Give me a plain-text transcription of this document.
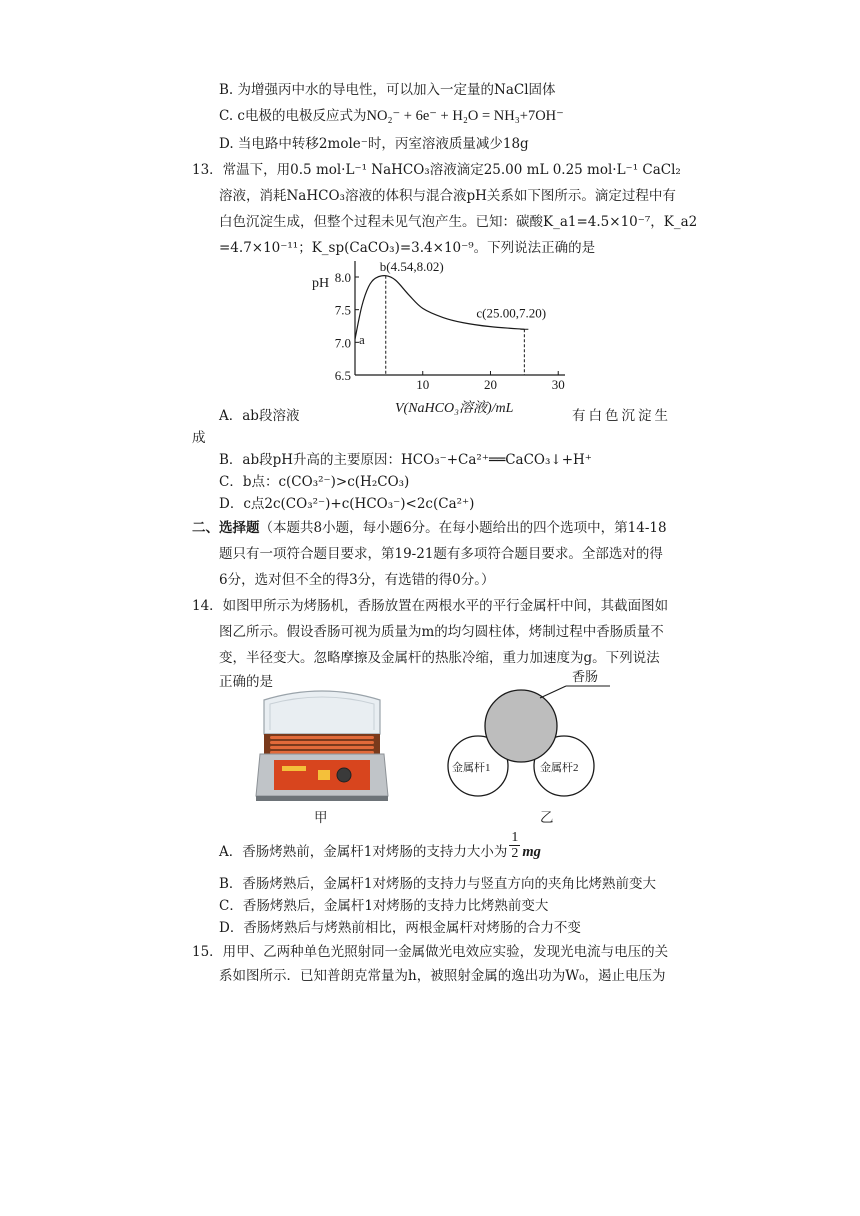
B. 为增强丙中水的导电性，可以加入一定量的NaCl固体
C. c电极的电极反应式为NO₂⁻ + 6e⁻ + H₂O = NH₃+7OH⁻
D. 当电路中转移2mole⁻时，丙室溶液质量减少18g
13．常温下，用0.5 mol·L⁻¹ NaHCO₃溶液滴定25.00 mL 0.25 mol·L⁻¹ CaCl₂
溶液，消耗NaHCO₃溶液的体积与混合液pH关系如下图所示。滴定过程中有
白色沉淀生成，但整个过程未见气泡产生。已知：碳酸K_a1=4.5×10⁻⁷，K_a2
=4.7×10⁻¹¹；K_sp(CaCO₃)=3.4×10⁻⁹。下列说法正确的是
pH
V(NaHCO₃溶液)/mL
6.5
7.0
7.5
8.0
10	20	30
b(4.54,8.02)
c(25.00,7.20)
a
A．ab段溶液	有白色沉淀生
成
B．ab段pH升高的主要原因：HCO₃⁻+Ca²⁺══CaCO₃↓+H⁺
C．b点：c(CO₃²⁻)>c(H₂CO₃)
D．c点2c(CO₃²⁻)+c(HCO₃⁻)<2c(Ca²⁺)
二、选择题（本题共8小题，每小题6分。在每小题给出的四个选项中，第14-18
题只有一项符合题目要求，第19-21题有多项符合题目要求。全部选对的得
6分，选对但不全的得3分，有选错的得0分。）
14．如图甲所示为烤肠机，香肠放置在两根水平的平行金属杆中间，其截面图如
图乙所示。假设香肠可视为质量为m的均匀圆柱体，烤制过程中香肠质量不
变，半径变大。忽略摩擦及金属杆的热胀冷缩，重力加速度为g。下列说法
正确的是
甲
香肠
金属杆1	金属杆2
乙
A．香肠烤熟前，金属杆1对烤肠的支持力大小为 $\frac{1}{2}$ mg
B．香肠烤熟后，金属杆1对烤肠的支持力与竖直方向的夹角比烤熟前变大
C．香肠烤熟后，金属杆1对烤肠的支持力比烤熟前变大
D．香肠烤熟后与烤熟前相比，两根金属杆对烤肠的合力不变
15．用甲、乙两种单色光照射同一金属做光电效应实验，发现光电流与电压的关
系如图所示．已知普朗克常量为h，被照射金属的逸出功为W₀，遏止电压为
